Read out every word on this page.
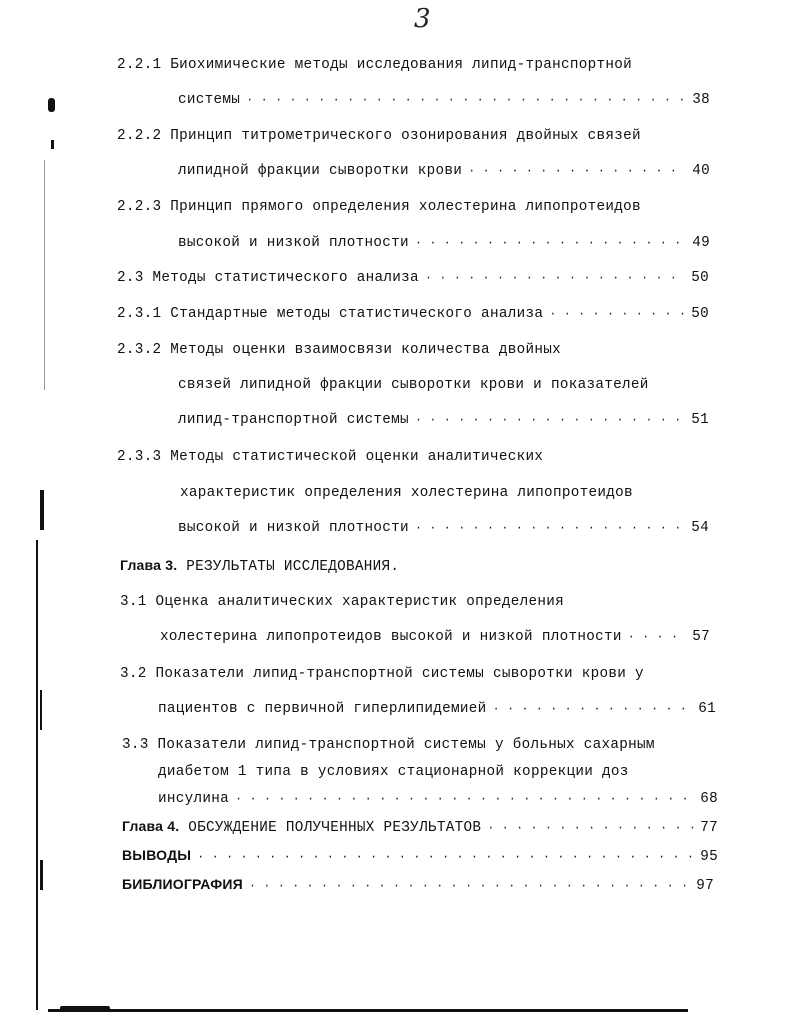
3
2.2.1 Биохимические методы исследования липид-транспортной
системы · · ·	38
2.2.2 Принцип титрометрического озонирования двойных связей
липидной фракции сыворотки крови · · ·	40
2.2.3 Принцип прямого определения холестерина липопротеидов
высокой и низкой плотности · · ·	49
2.3 Методы статистического анализа · · ·	50
2.3.1 Стандартные методы статистического анализа · · ·	50
2.3.2 Методы оценки взаимосвязи количества двойных
связей липидной фракции сыворотки крови и показателей
липид-транспортной системы · · ·	51
2.3.3 Методы статистической оценки аналитических
характеристик определения холестерина липопротеидов
высокой и низкой плотности · · ·	54
Глава 3. РЕЗУЛЬТАТЫ ИССЛЕДОВАНИЯ.
3.1 Оценка аналитических характеристик определения
холестерина липопротеидов высокой и низкой плотности · · ·	57
3.2 Показатели липид-транспортной системы сыворотки крови у
пациентов с первичной гиперлипидемией · · ·	61
3.3 Показатели липид-транспортной системы у больных сахарным
диабетом 1 типа в условиях стационарной коррекции доз
инсулина · · ·	68
Глава 4. ОБСУЖДЕНИЕ ПОЛУЧЕННЫХ РЕЗУЛЬТАТОВ · · ·	77
ВЫВОДЫ · · ·	95
БИБЛИОГРАФИЯ · · ·	97
